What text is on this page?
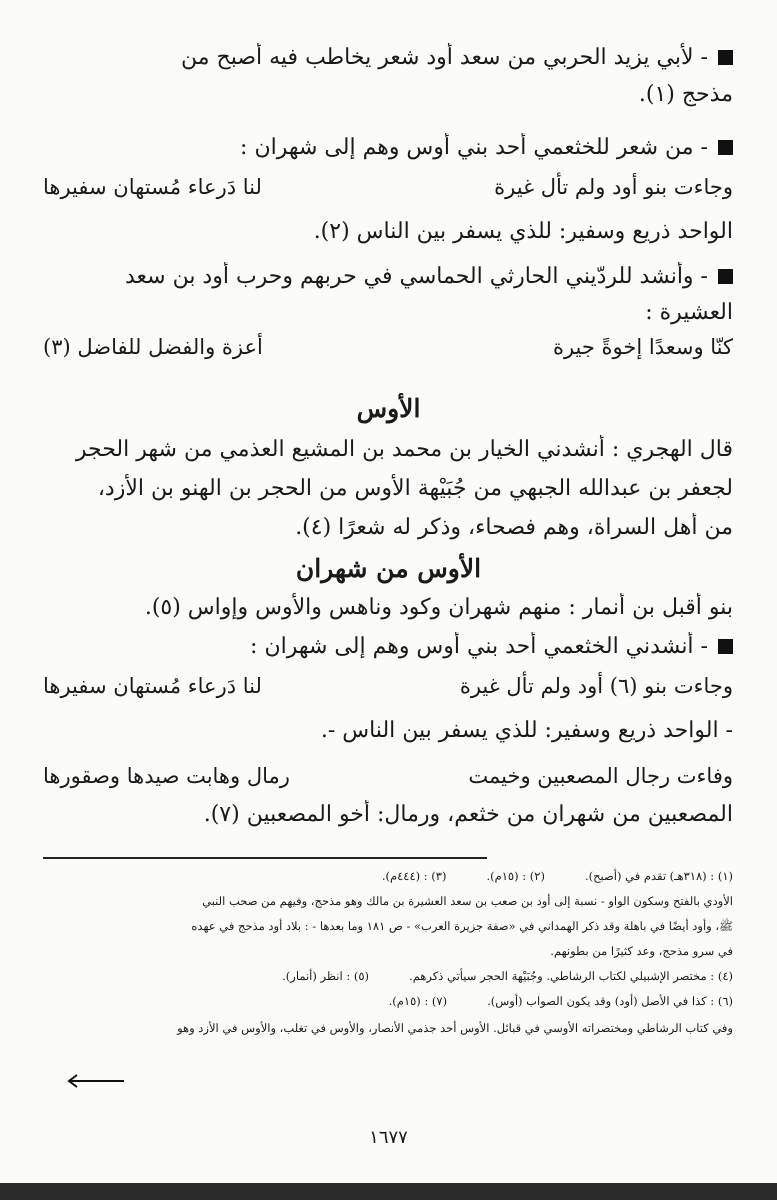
- لأبي يزيد الحربي من سعد أود شعر يخاطب فيه أصبح من
مذحج (١).
- من شعر للخثعمي أحد بني أوس وهم إلى شهران :
وجاءت بنو أود ولم تأل غيرة
لنا دَرعاء مُستهان سفيرها
الواحد ذريع وسفير: للذي يسفر بين الناس (٢).
- وأنشد للردّيني الحارثي الحماسي في حربهم وحرب أود بن سعد
العشيرة :
كنّا وسعدًا إخوةً جيرة
أعزة والفضل للفاضل (٣)
الأوس
قال الهجري : أنشدني الخيار بن محمد بن المشيع العذمي من شهر الحجر
لجعفر بن عبدالله الجبهي من جُبَيْهة الأوس من الحجر بن الهنو بن الأزد،
من أهل السراة، وهم فصحاء، وذكر له شعرًا (٤).
الأوس من شهران
بنو أقبل بن أنمار : منهم شهران وكود وناهس والأوس وإواس (٥).
- أنشدني الخثعمي أحد بني أوس وهم إلى شهران :
وجاءت بنو (٦) أود ولم تأل غيرة
لنا دَرعاء مُستهان سفيرها
- الواحد ذريع وسفير: للذي يسفر بين الناس -.
وفاءت رجال المصعبين وخيمت
رمال وهابت صيدها وصقورها
المصعبين من شهران من خثعم، ورمال: أخو المصعبين (٧).
(١) : (٣١٨هـ) تقدم في (أصبح).
(٢) : (١٥م).
(٣) : (٤٤٤م).
الأودي بالفتح وسكون الواو - نسبة إلى أود بن صعب بن سعد العشيرة بن مالك وهو مذحج، وفيهم من صحب النبي
ﷺ، وأود أيضًا في باهلة وقد ذكر الهمداني في «صفة جزيرة العرب» - ص ١٨١ وما بعدها - : بلاد أود مذحج في عهده
في سرو مذحج، وعد كثيرًا من بطونهم.
(٤) : مختصر الإشبيلي لكتاب الرشاطي. وجُبَيْهة الحجر سيأتي ذكرهم.
(٥) : انظر (أنمار).
(٦) : كذا في الأصل (أود) وقد يكون الصواب (أوس).
(٧) : (١٥م).
وفي كتاب الرشاطي ومختصراته الأوسي في قبائل. الأوس أحد جذمي الأنصار، والأوس في تغلب، والأوس في الأزد وهو
١٦٧٧
